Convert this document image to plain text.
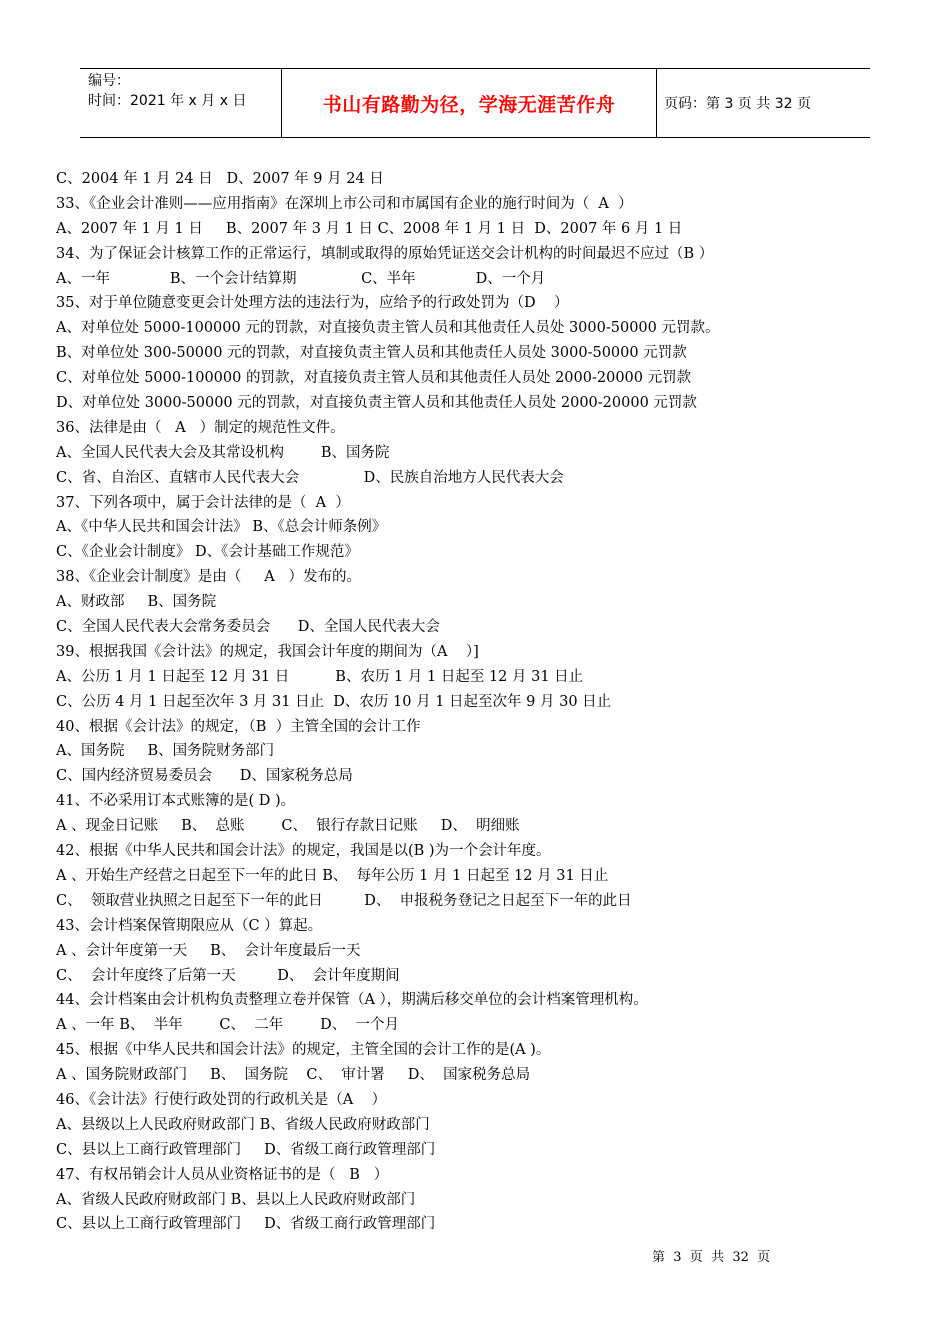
编号：
时间：2021 年 x 月 x 日	书山有路勤为径，学海无涯苦作舟	页码：第 3 页 共 32 页
C、2004 年 1 月 24 日   D、2007 年 9 月 24 日
33、《企业会计准则——应用指南》在深圳上市公司和市属国有企业的施行时间为（  A  ）
A、2007 年 1 月 1 日     B、2007 年 3 月 1 日 C、2008 年 1 月 1 日  D、2007 年 6 月 1 日
34、为了保证会计核算工作的正常运行，填制或取得的原始凭证送交会计机构的时间最迟不应过（B ）
A、一年             B、一个会计结算期              C、半年             D、一个月
35、对于单位随意变更会计处理方法的违法行为，应给予的行政处罚为（D    ）
A、对单位处 5000-100000 元的罚款，对直接负责主管人员和其他责任人员处 3000-50000 元罚款。
B、对单位处 300-50000 元的罚款，对直接负责主管人员和其他责任人员处 3000-50000 元罚款
C、对单位处 5000-100000 的罚款，对直接负责主管人员和其他责任人员处 2000-20000 元罚款
D、对单位处 3000-50000 元的罚款，对直接负责主管人员和其他责任人员处 2000-20000 元罚款
36、法律是由（   A   ）制定的规范性文件。
A、全国人民代表大会及其常设机构        B、国务院
C、省、自治区、直辖市人民代表大会              D、民族自治地方人民代表大会
37、下列各项中，属于会计法律的是（  A  ）
A、《中华人民共和国会计法》 B、《总会计师条例》
C、《企业会计制度》 D、《会计基础工作规范》
38、《企业会计制度》是由（     A   ）发布的。
A、财政部     B、国务院
C、全国人民代表大会常务委员会      D、全国人民代表大会
39、根据我国《会计法》的规定，我国会计年度的期间为（A    ）]
A、公历 1 月 1 日起至 12 月 31 日          B、农历 1 月 1 日起至 12 月 31 日止
C、公历 4 月 1 日起至次年 3 月 31 日止  D、农历 10 月 1 日起至次年 9 月 30 日止
40、根据《会计法》的规定，（B  ）主管全国的会计工作
A、国务院     B、国务院财务部门
C、国内经济贸易委员会      D、国家税务总局
41、不必采用订本式账簿的是( D )。
A 、现金日记账     B、  总账        C、  银行存款日记账     D、  明细账
42、根据《中华人民共和国会计法》的规定，我国是以(B )为一个会计年度。
A 、开始生产经营之日起至下一年的此日 B、  每年公历 1 月 1 日起至 12 月 31 日止
C、  领取营业执照之日起至下一年的此日         D、  申报税务登记之日起至下一年的此日
43、会计档案保管期限应从（C ）算起。
A 、会计年度第一天     B、  会计年度最后一天
C、  会计年度终了后第一天         D、  会计年度期间
44、会计档案由会计机构负责整理立卷并保管（A ），期满后移交单位的会计档案管理机构。
A 、一年 B、  半年        C、  二年        D、  一个月
45、根据《中华人民共和国会计法》的规定，主管全国的会计工作的是(A )。
A 、国务院财政部门     B、  国务院    C、  审计署     D、  国家税务总局
46、《会计法》行使行政处罚的行政机关是（A    ）
A、县级以上人民政府财政部门 B、省级人民政府财政部门
C、县以上工商行政管理部门     D、省级工商行政管理部门
47、有权吊销会计人员从业资格证书的是（   B   ）
A、省级人民政府财政部门 B、县以上人民政府财政部门
C、县以上工商行政管理部门     D、省级工商行政管理部门
第  3  页  共  32  页
